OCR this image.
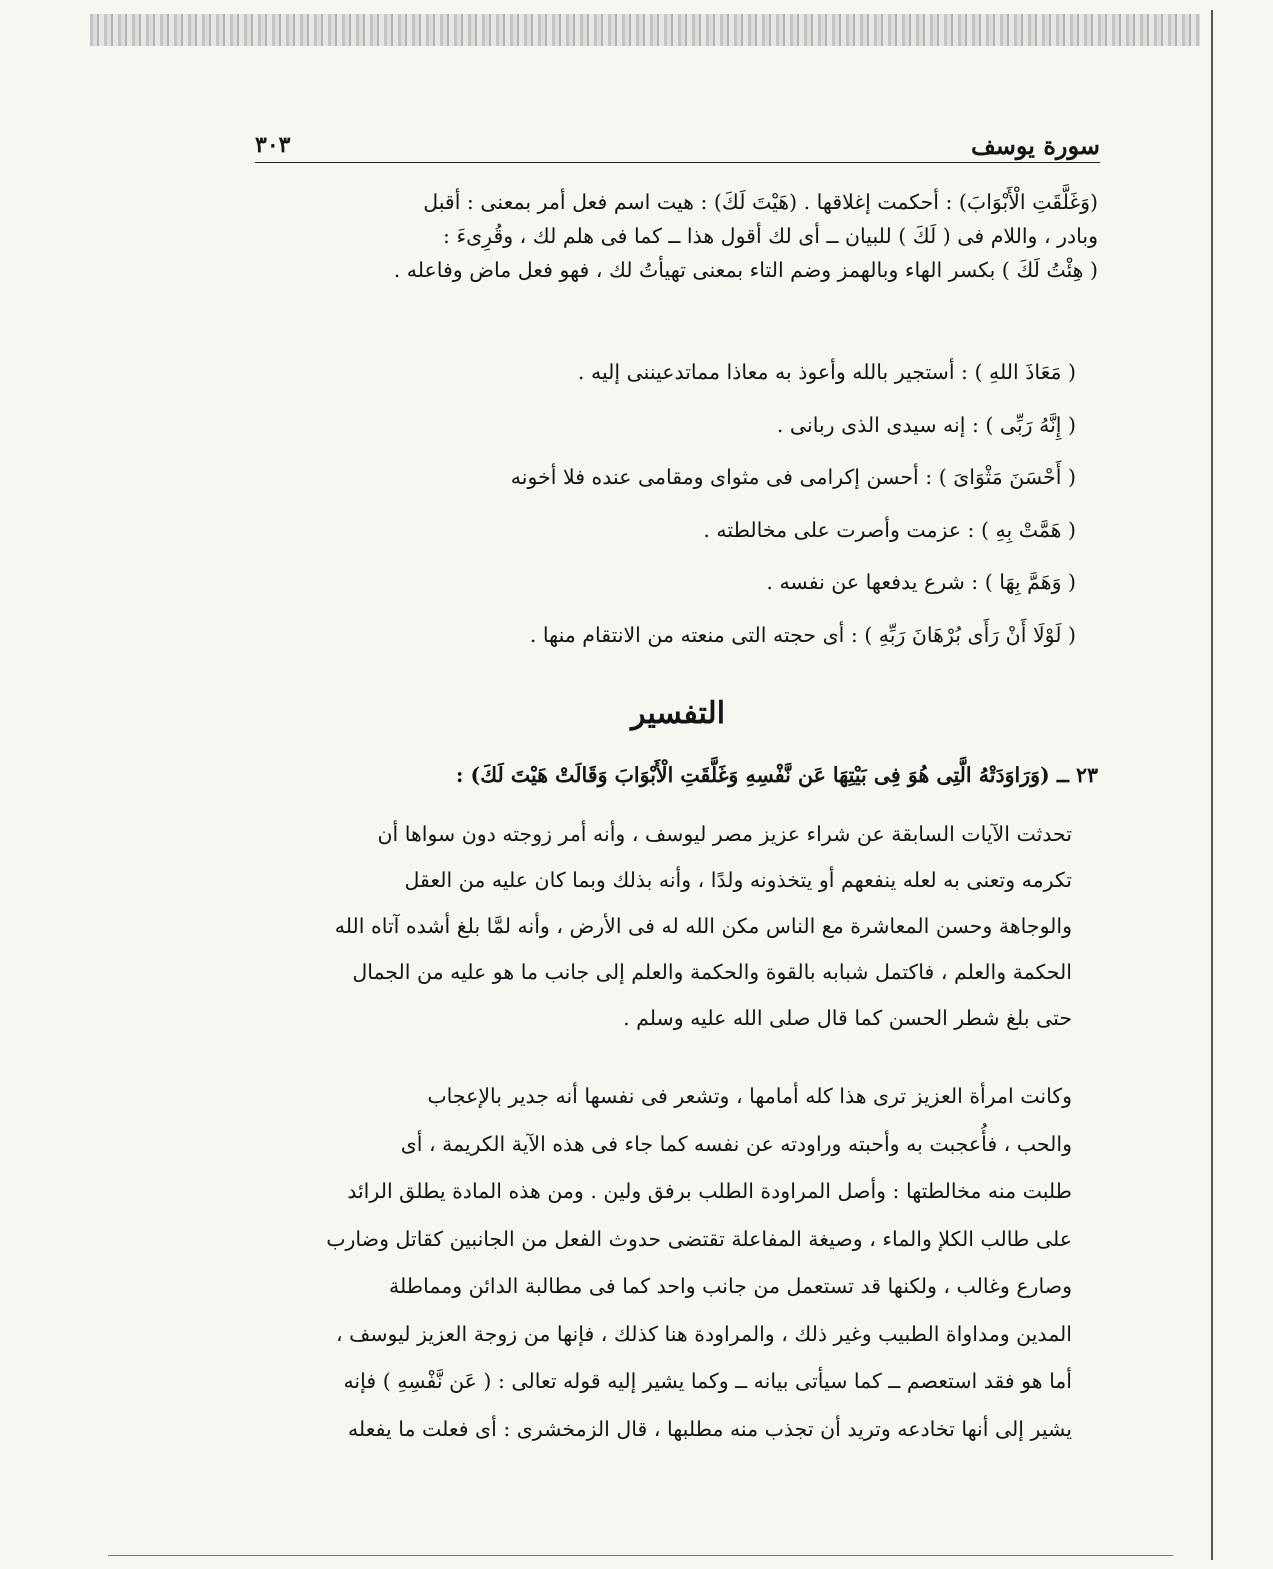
سورة يوسف
٣٠٣
(وَغَلَّقَتِ الْأَبْوَابَ) : أحكمت إغلاقها . (هَيْتَ لَكَ) : هيت اسم فعل أمر بمعنى : أقبل
وبادر ، واللام فى ( لَكَ ) للبيان ــ أى لك أقول هذا ــ كما فى هلم لك ، وقُرِىءَ :
( هِئْتُ لَكَ ) بكسر الهاء وبالهمز وضم التاء بمعنى تهيأتُ لك ، فهو فعل ماض وفاعله .
( مَعَاذَ اللهِ ) : أستجير بالله وأعوذ به معاذا مماتدعيننى إليه .
( إِنَّهُ رَبِّى ) : إنه سيدى الذى ربانى .
( أَحْسَنَ مَثْوَاىَ ) : أحسن إكرامى فى مثواى ومقامى عنده فلا أخونه
( هَمَّتْ بِهِ ) : عزمت وأصرت على مخالطته .
( وَهَمَّ بِهَا ) : شرع يدفعها عن نفسه .
( لَوْلَا أَنْ رَأَى بُرْهَانَ رَبِّهِ ) : أى حجته التى منعته من الانتقام منها .
التفسير
٢٣ ــ (وَرَاوَدَتْهُ الَّتِى هُوَ فِى بَيْتِهَا عَن نَّفْسِهِ وَغَلَّقَتِ الْأَبْوَابَ وَقَالَتْ هَيْتَ لَكَ) :
تحدثت الآيات السابقة عن شراء عزيز مصر ليوسف ، وأنه أمر زوجته دون سواها أن
تكرمه وتعنى به لعله ينفعهم أو يتخذونه ولدًا ، وأنه بذلك وبما كان عليه من العقل
والوجاهة وحسن المعاشرة مع الناس مكن الله له فى الأرض ، وأنه لمَّا بلغ أشده آتاه الله
الحكمة والعلم ، فاكتمل شبابه بالقوة والحكمة والعلم إلى جانب ما هو عليه من الجمال
حتى بلغ شطر الحسن كما قال صلى الله عليه وسلم .
وكانت امرأة العزيز ترى هذا كله أمامها ، وتشعر فى نفسها أنه جدير بالإعجاب
والحب ، فأُعجبت به وأحبته وراودته عن نفسه كما جاء فى هذه الآية الكريمة ، أى
طلبت منه مخالطتها : وأصل المراودة الطلب برفق ولين . ومن هذه المادة يطلق الرائد
على طالب الكلإ والماء ، وصيغة المفاعلة تقتضى حدوث الفعل من الجانبين كقاتل وضارب
وصارع وغالب ، ولكنها قد تستعمل من جانب واحد كما فى مطالبة الدائن ومماطلة
المدين ومداواة الطبيب وغير ذلك ، والمراودة هنا كذلك ، فإنها من زوجة العزيز ليوسف ،
أما هو فقد استعصم ــ كما سيأتى بيانه ــ وكما يشير إليه قوله تعالى : ( عَن نَّفْسِهِ ) فإنه
يشير إلى أنها تخادعه وتريد أن تجذب منه مطلبها ، قال الزمخشرى : أى فعلت ما يفعله
